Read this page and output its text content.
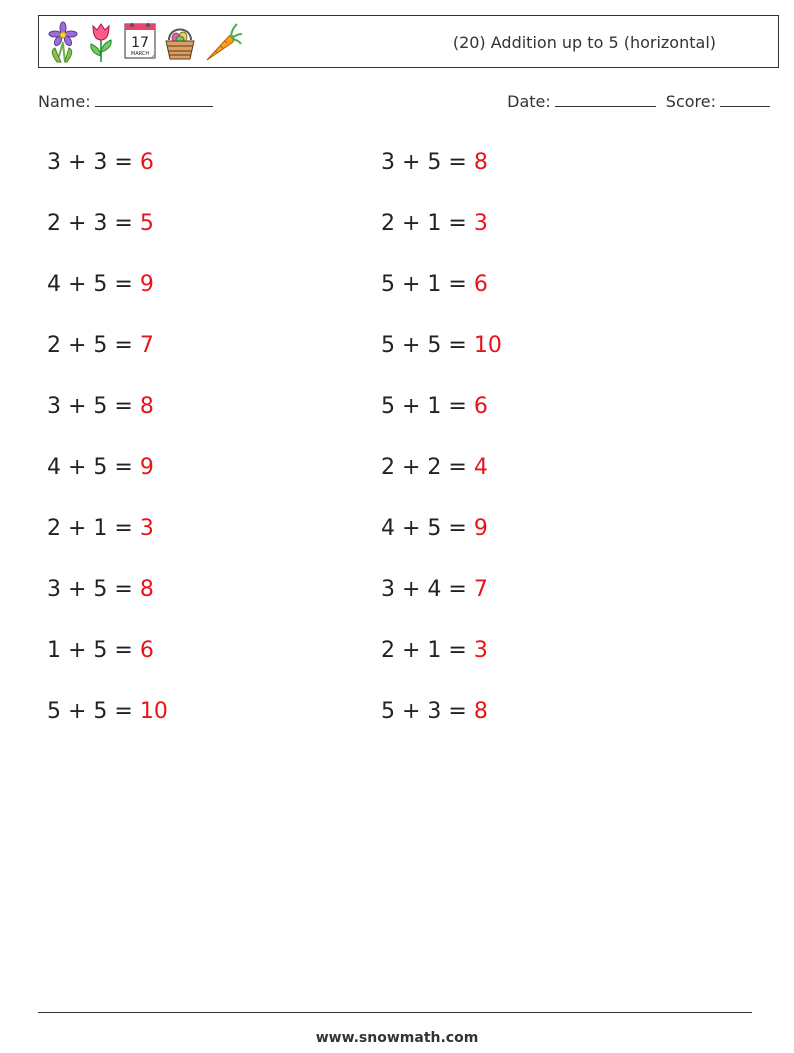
17
MARCH
(20) Addition up to 5 (horizontal)
Name:	Date:	Score:
3 + 3 = 6	3 + 5 = 8
2 + 3 = 5	2 + 1 = 3
4 + 5 = 9	5 + 1 = 6
2 + 5 = 7	5 + 5 = 10
3 + 5 = 8	5 + 1 = 6
4 + 5 = 9	2 + 2 = 4
2 + 1 = 3	4 + 5 = 9
3 + 5 = 8	3 + 4 = 7
1 + 5 = 6	2 + 1 = 3
5 + 5 = 10	5 + 3 = 8
www.snowmath.com
